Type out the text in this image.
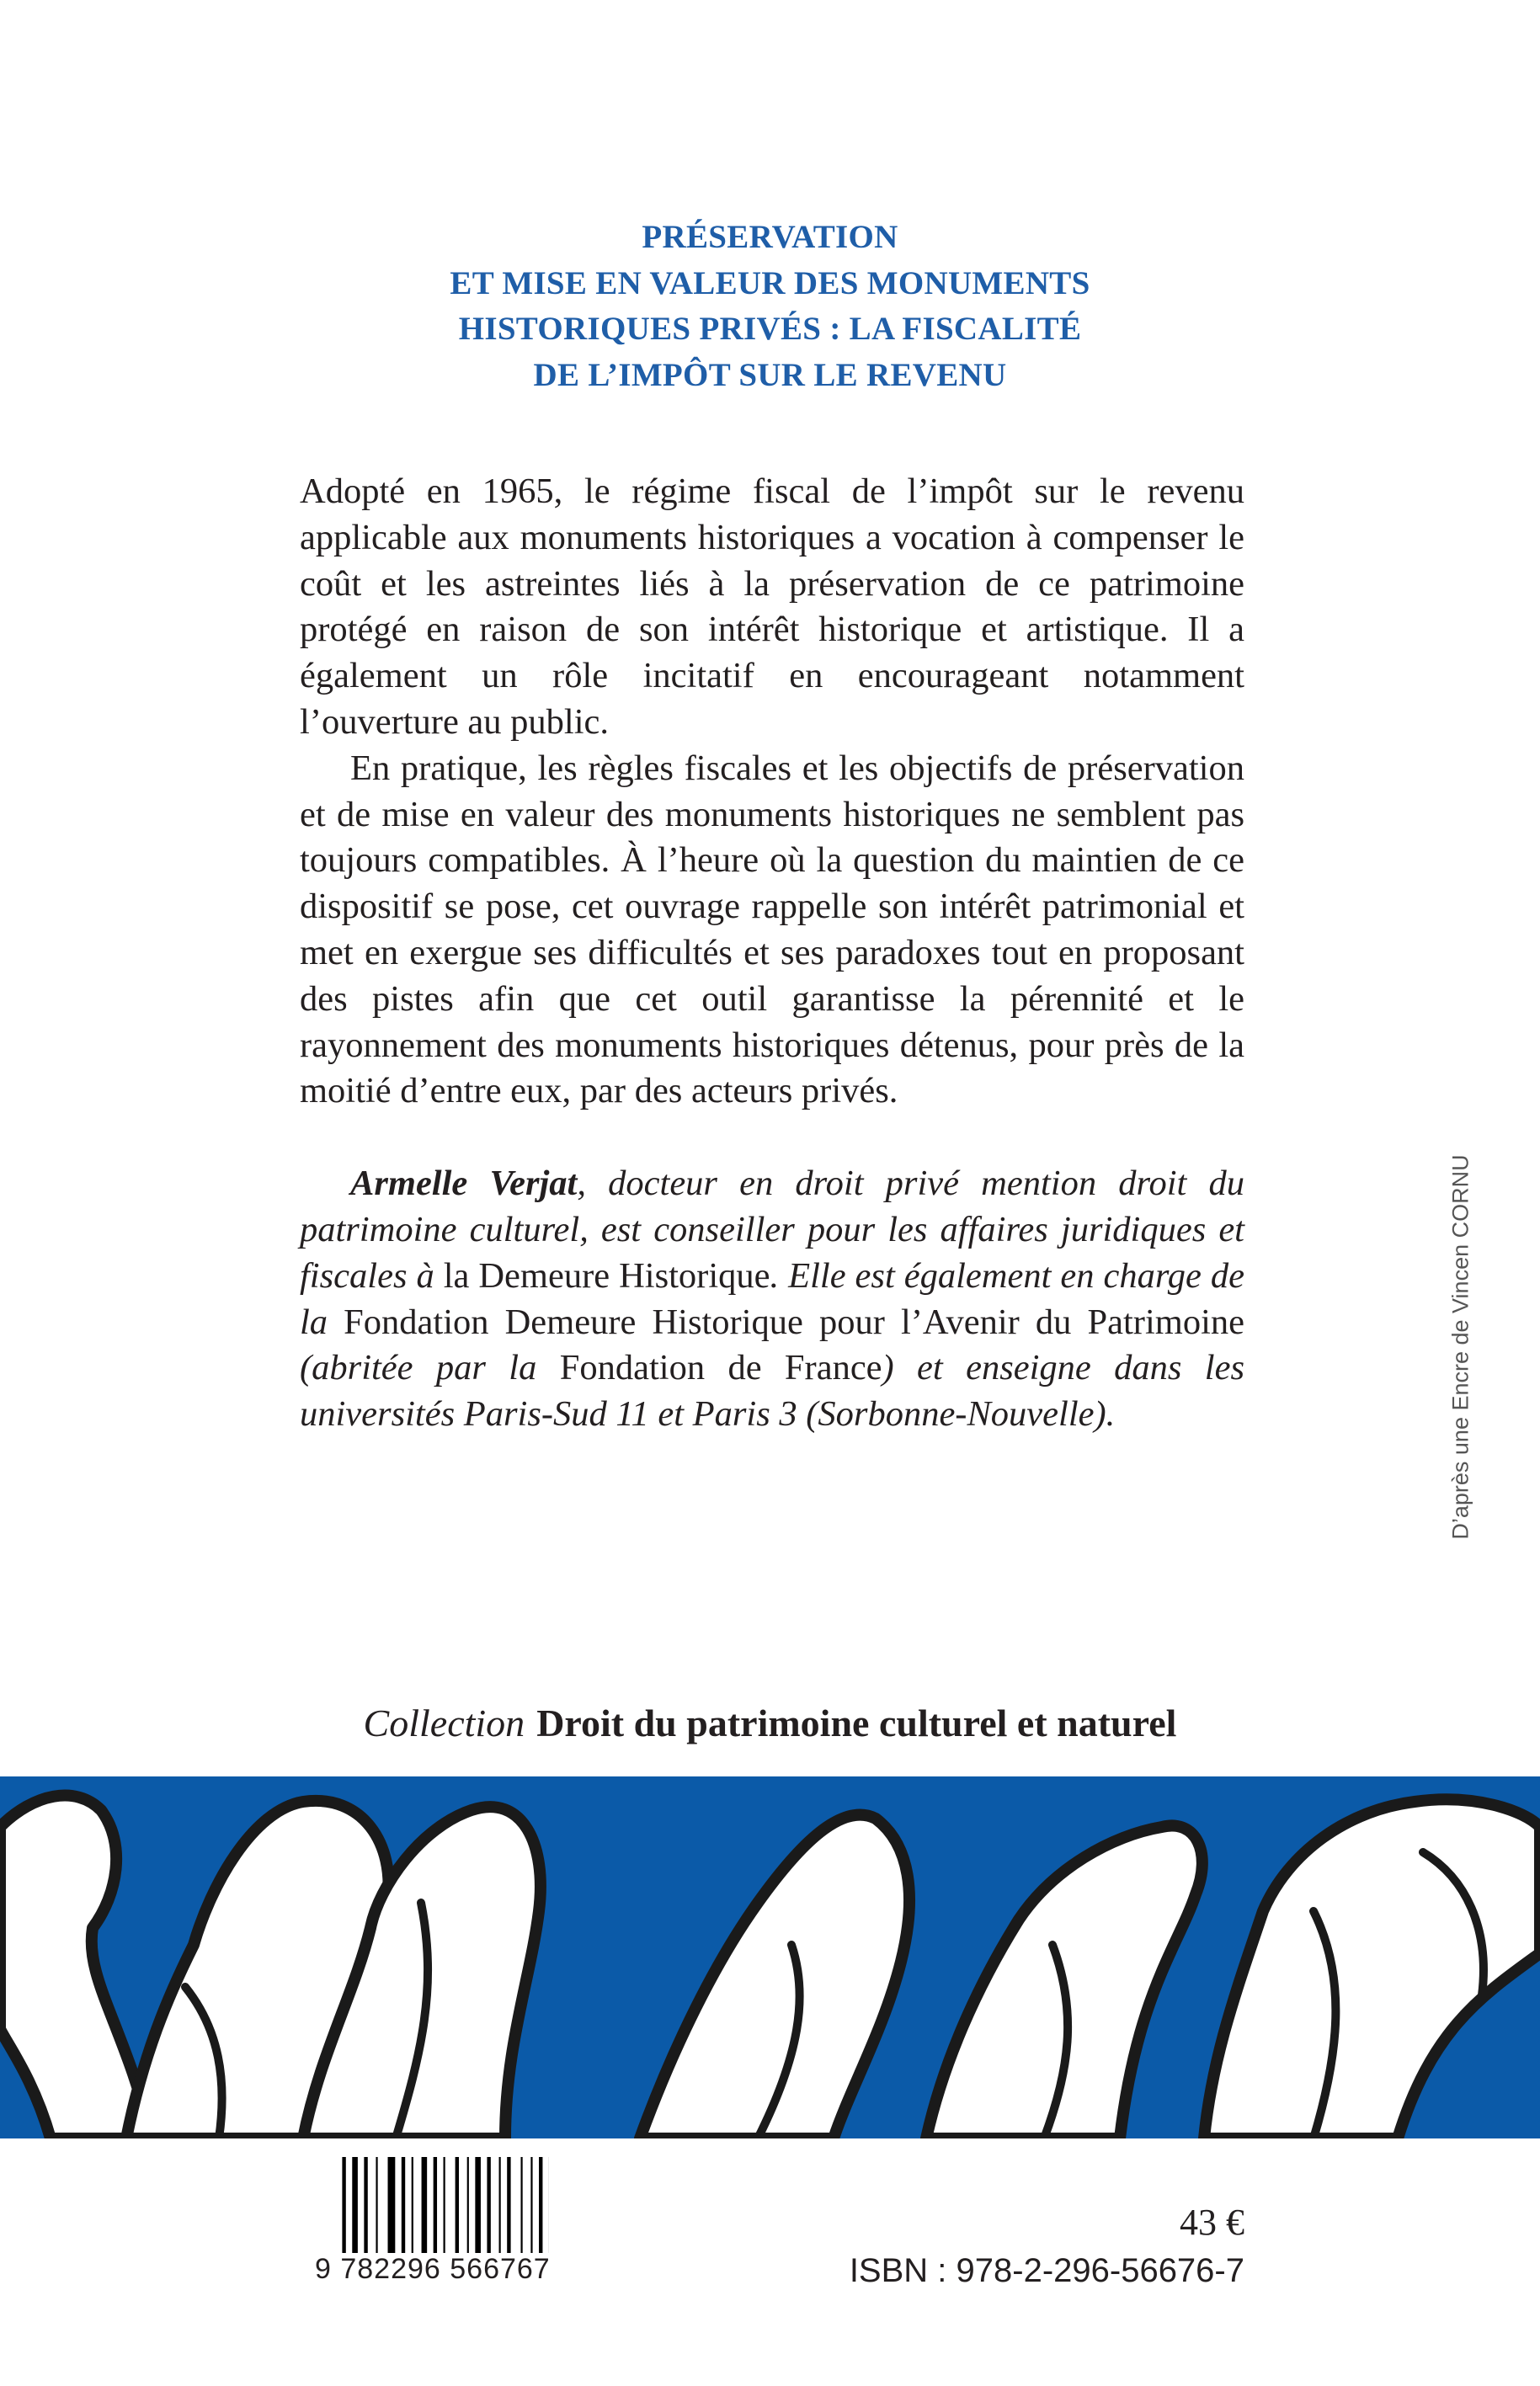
PRÉSERVATION
ET MISE EN VALEUR DES MONUMENTS
HISTORIQUES PRIVÉS : LA FISCALITÉ
DE L’IMPÔT SUR LE REVENU

Adopté en 1965, le régime fiscal de l’impôt sur le revenu applicable aux monuments historiques a vocation à compenser le coût et les astreintes liés à la préservation de ce patrimoine protégé en raison de son intérêt historique et artistique. Il a également un rôle incitatif en encourageant notamment l’ouverture au public.

En pratique, les règles fiscales et les objectifs de préservation et de mise en valeur des monuments historiques ne semblent pas toujours compatibles. À l’heure où la question du maintien de ce dispositif se pose, cet ouvrage rappelle son intérêt patrimonial et met en exergue ses difficultés et ses paradoxes tout en proposant des pistes afin que cet outil garantisse la pérennité et le rayonnement des monuments historiques détenus, pour près de la moitié d’entre eux, par des acteurs privés.

Armelle Verjat, docteur en droit privé mention droit du patrimoine culturel, est conseiller pour les affaires juridiques et fiscales à la Demeure Historique. Elle est également en charge de la Fondation Demeure Historique pour l’Avenir du Patrimoine (abritée par la Fondation de France) et enseigne dans les universités Paris-Sud 11 et Paris 3 (Sorbonne-Nouvelle).	D’après une Encre de Vincen CORNU
Collection Droit du patrimoine culturel et naturel
9 782296 566767
43 €
ISBN : 978-2-296-56676-7
